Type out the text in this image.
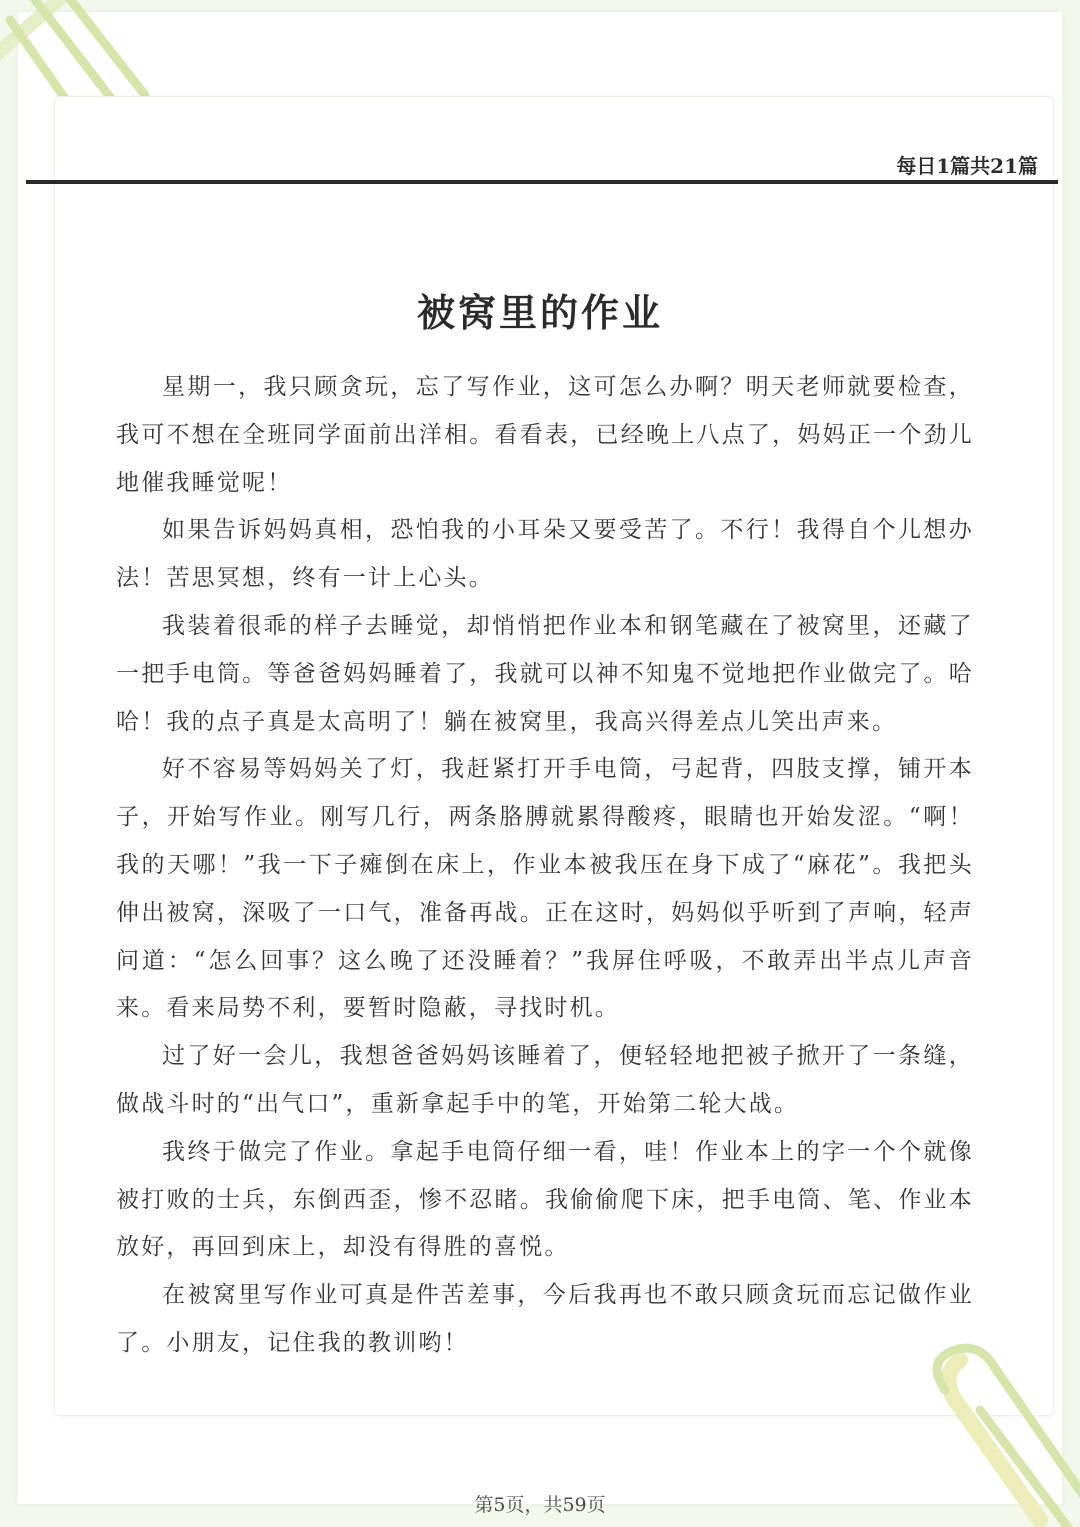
每日1篇共21篇
被窝里的作业

星期一，我只顾贪玩，忘了写作业，这可怎么办啊？明天老师就要检查，我可不想在全班同学面前出洋相。看看表，已经晚上八点了，妈妈正一个劲儿地催我睡觉呢！

如果告诉妈妈真相，恐怕我的小耳朵又要受苦了。不行！我得自个儿想办法！苦思冥想，终有一计上心头。

我装着很乖的样子去睡觉，却悄悄把作业本和钢笔藏在了被窝里，还藏了一把手电筒。等爸爸妈妈睡着了，我就可以神不知鬼不觉地把作业做完了。哈哈！我的点子真是太高明了！躺在被窝里，我高兴得差点儿笑出声来。

好不容易等妈妈关了灯，我赶紧打开手电筒，弓起背，四肢支撑，铺开本子，开始写作业。刚写几行，两条胳膊就累得酸疼，眼睛也开始发涩。“啊！我的天哪！”我一下子瘫倒在床上，作业本被我压在身下成了“麻花”。我把头伸出被窝，深吸了一口气，准备再战。正在这时，妈妈似乎听到了声响，轻声问道：“怎么回事？这么晚了还没睡着？”我屏住呼吸，不敢弄出半点儿声音来。看来局势不利，要暂时隐蔽，寻找时机。

过了好一会儿，我想爸爸妈妈该睡着了，便轻轻地把被子掀开了一条缝，做战斗时的“出气口”，重新拿起手中的笔，开始第二轮大战。

我终于做完了作业。拿起手电筒仔细一看，哇！作业本上的字一个个就像被打败的士兵，东倒西歪，惨不忍睹。我偷偷爬下床，把手电筒、笔、作业本放好，再回到床上，却没有得胜的喜悦。

在被窝里写作业可真是件苦差事，今后我再也不敢只顾贪玩而忘记做作业了。小朋友，记住我的教训哟！

第5页，共59页
